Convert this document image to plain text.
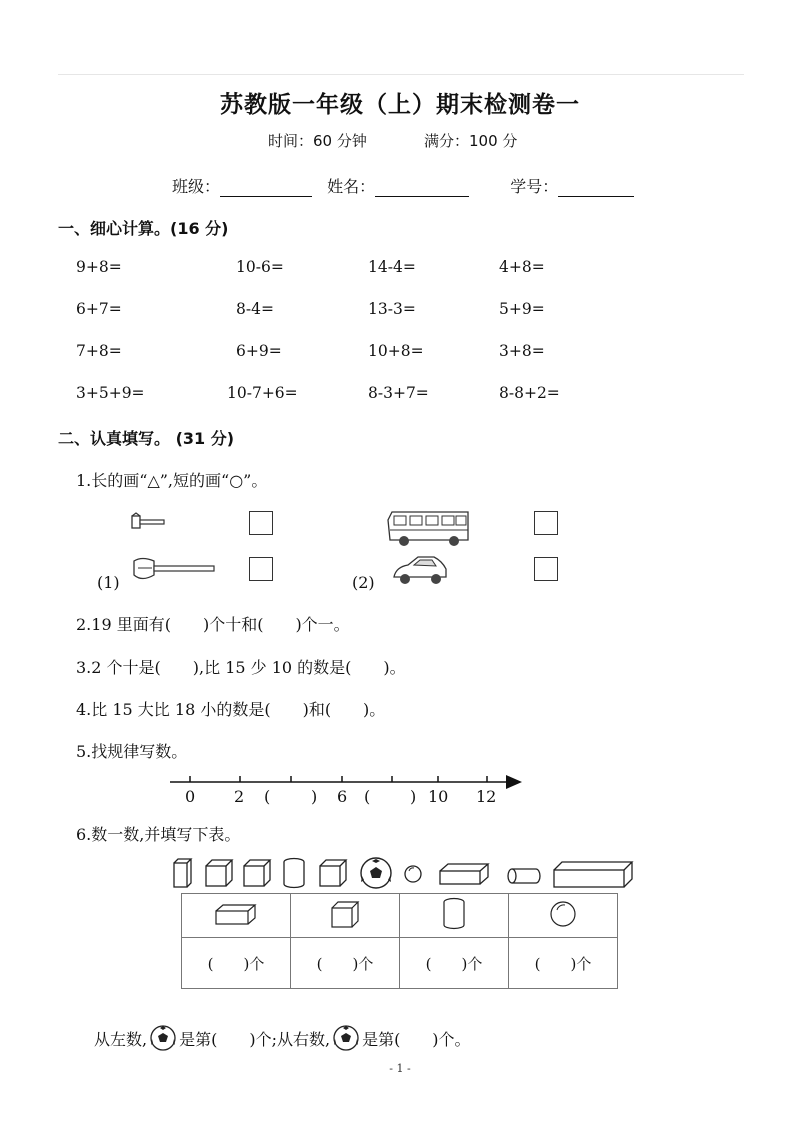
苏教版一年级（上）期末检测卷一
时间：60 分钟	满分：100 分
班级：	姓名：	学号：
一、细心计算。(16 分)
9+8=	10-6=	14-4=	4+8=
6+7=	8-4=	13-3=	5+9=
7+8=	6+9=	10+8=	3+8=
3+5+9=	10-7+6=	8-3+7=	8-8+2=
二、认真填写。 (31 分)
1.长的画“△”,短的画“○”。
(1)	(2)
2.19 里面有(　　)个十和(　　)个一。
3.2 个十是(　　),比 15 少 10 的数是(　　)。
4.比 15 大比 18 小的数是(　　)和(　　)。
5.找规律写数。
0 2 (	) 6 ( ) 10 12
6.数一数,并填写下表。

(　　)个	(　　)个	(　　)个	(　　)个
从左数, 是第(　　)个;从右数, 是第(　　)个。
- 1 -
